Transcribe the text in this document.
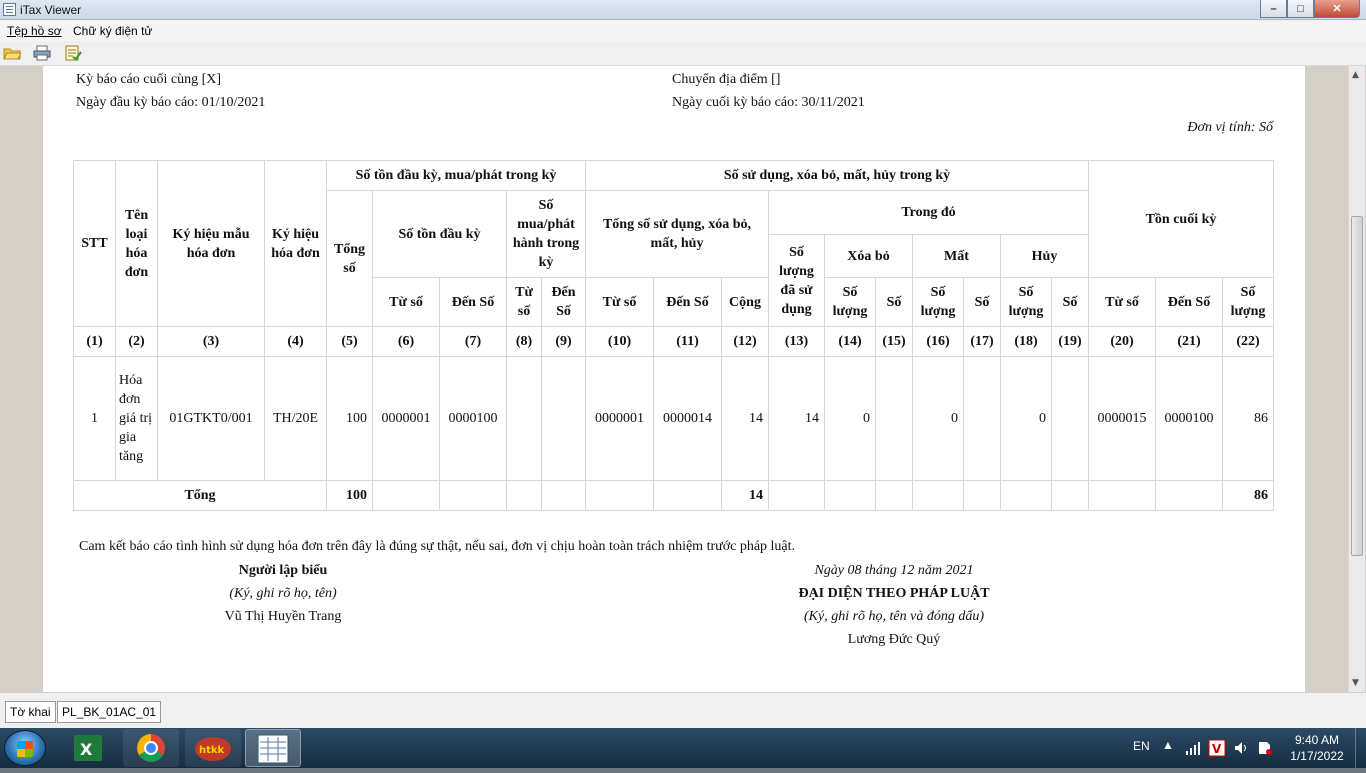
iTax Viewer	–	□	✕
Tệp hồ sơ Chữ ký điện tử
Kỳ báo cáo cuối cùng [X]	Chuyển địa điểm []
Ngày đầu kỳ báo cáo: 01/10/2021	Ngày cuối kỳ báo cáo: 30/11/2021
Đơn vị tính: Số
STT	Tên loại hóa đơn	Ký hiệu mẫu hóa đơn	Ký hiệu hóa đơn	Số tồn đầu kỳ, mua/phát trong kỳ					Số sử dụng, xóa bỏ, mất, hủy trong kỳ										Tồn cuối kỳ		
				Tổng số	Số tồn đầu kỳ		Số mua/phát hành trong kỳ		Tổng số sử dụng, xóa bỏ, mất, hủy			Trong đó									
												Số lượng đã sử dụng	Xóa bỏ		Mất		Hủy				
					Từ số	Đến Số	Từ số	Đến Số	Từ số	Đến Số	Cộng		Số lượng	Số	Số lượng	Số	Số lượng	Số	Từ số	Đến Số	Số lượng
(1)	(2)	(3)	(4)	(5)	(6)	(7)	(8)	(9)	(10)	(11)	(12)	(13)	(14)	(15)	(16)	(17)	(18)	(19)	(20)	(21)	(22)
1	Hóa đơn giá trị gia tăng	01GTKT0/001	TH/20E	100	0000001	0000100			0000001	0000014	14	14	0		0		0		0000015	0000100	86
Tổng				100							14										86
Cam kết báo cáo tình hình sử dụng hóa đơn trên đây là đúng sự thật, nếu sai, đơn vị chịu hoàn toàn trách nhiệm trước pháp luật.
Người lập biểu
(Ký, ghi rõ họ, tên)
Vũ Thị Huyền Trang
Ngày 08 tháng 12 năm 2021
ĐẠI DIỆN THEO PHÁP LUẬT
(Ký, ghi rõ họ, tên và đóng dấu)
Lương Đức Quý
▲
▼
Tờ khai PL_BK_01AC_01
X	htkk	EN ▲	V
9:40 AM
1/17/2022
